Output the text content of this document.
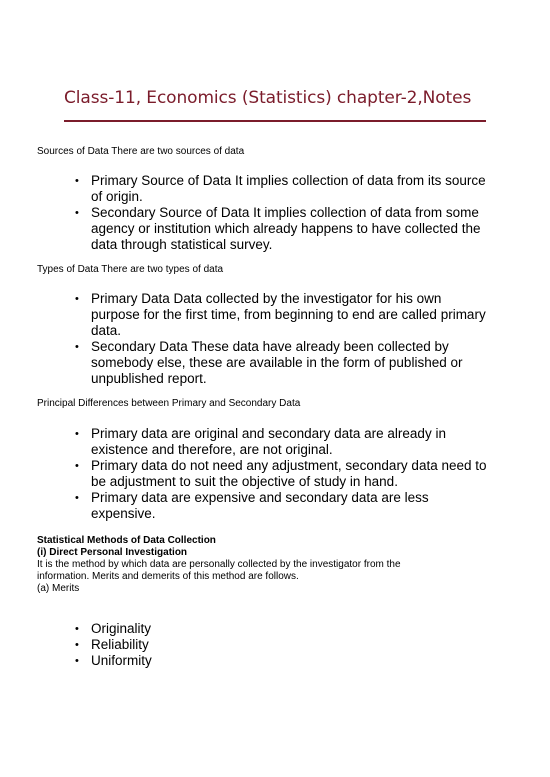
Class-11, Economics (Statistics) chapter-2,Notes

Sources of Data There are two sources of data

• Primary Source of Data It implies collection of data from its source of origin.
• Secondary Source of Data It implies collection of data from some agency or institution which already happens to have collected the data through statistical survey.

Types of Data There are two types of data

• Primary Data Data collected by the investigator for his own purpose for the first time, from beginning to end are called primary data.
• Secondary Data These data have already been collected by somebody else, these are available in the form of published or unpublished report.

Principal Differences between Primary and Secondary Data

• Primary data are original and secondary data are already in existence and therefore, are not original.
• Primary data do not need any adjustment, secondary data need to be adjustment to suit the objective of study in hand.
• Primary data are expensive and secondary data are less expensive.

Statistical Methods of Data Collection

(i) Direct Personal Investigation

It is the method by which data are personally collected by the investigator from the

information. Merits and demerits of this method are follows.

(a) Merits

• Originality
• Reliability
• Uniformity
